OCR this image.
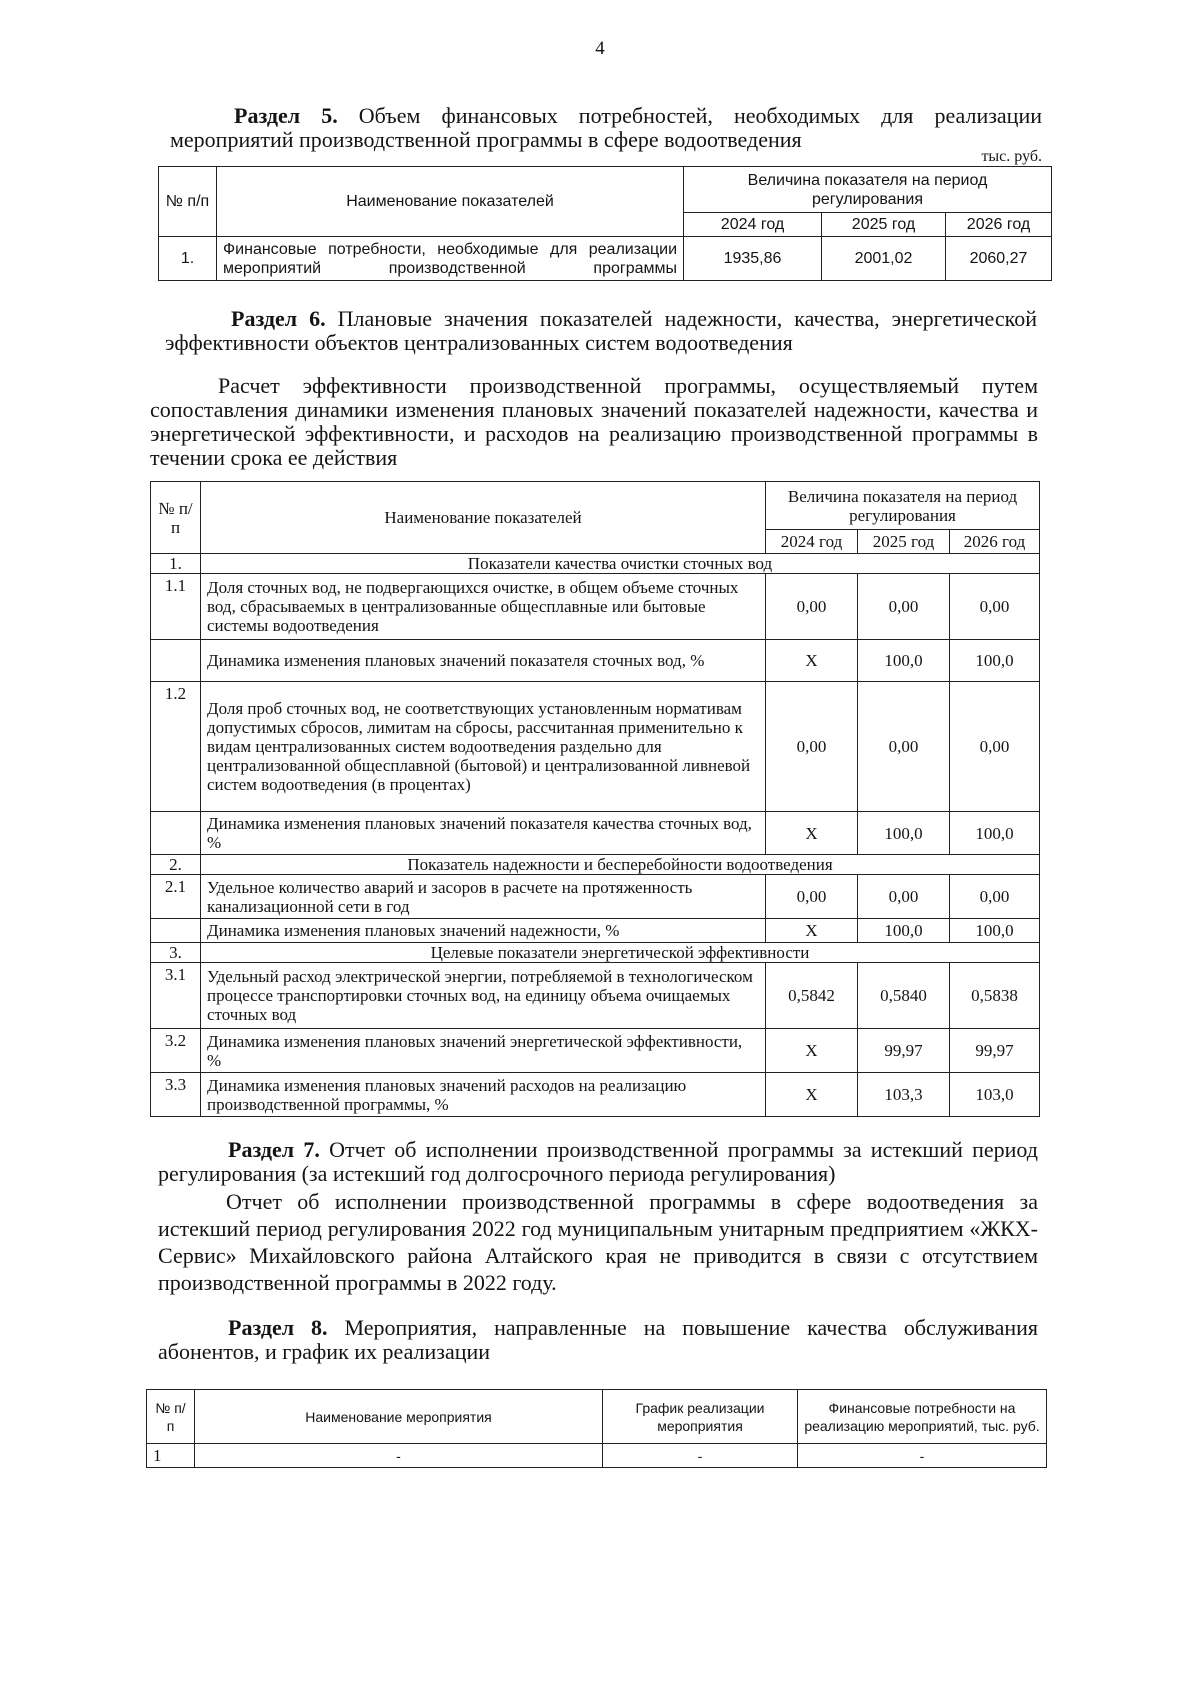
4
Раздел 5. Объем финансовых потребностей, необходимых для реализации мероприятий производственной программы в сфере водоотведения
тыс. руб.
№ п/п	Наименование показателей	Величина показателя на период регулирования		
		2024 год	2025 год	2026 год
1.	Финансовые потребности, необходимые для реализации мероприятий производственной программы	1935,86	2001,02	2060,27
Раздел 6. Плановые значения показателей надежности, качества, энергетической эффективности объектов централизованных систем водоотведения
Расчет эффективности производственной программы, осуществляемый путем сопоставления динамики изменения плановых значений показателей надежности, качества и энергетической эффективности, и расходов на реализацию производственной программы в течении срока ее действия
№ п/п	Наименование показателей	Величина показателя на период регулирования		
		2024 год	2025 год	2026 год
1.	Показатели качества очистки сточных вод			
1.1	Доля сточных вод, не подвергающихся очистке, в общем объеме сточных вод, сбрасываемых в централизованные общесплавные или бытовые системы водоотведения	0,00	0,00	0,00
	Динамика изменения плановых значений показателя сточных вод, %	Х	100,0	100,0
1.2	Доля проб сточных вод, не соответствующих установленным нормативам допустимых сбросов, лимитам на сбросы, рассчитанная применительно к видам централизованных систем водоотведения раздельно для централизованной общесплавной (бытовой) и централизованной ливневой систем водоотведения (в процентах)	0,00	0,00	0,00
	Динамика изменения плановых значений показателя качества сточных вод, %	Х	100,0	100,0
2.	Показатель надежности и бесперебойности водоотведения			
2.1	Удельное количество аварий и засоров в расчете на протяженность канализационной сети в год	0,00	0,00	0,00
	Динамика изменения плановых значений надежности, %	Х	100,0	100,0
3.	Целевые показатели энергетической эффективности			
3.1	Удельный расход электрической энергии, потребляемой в технологическом процессе транспортировки сточных вод, на единицу объема очищаемых сточных вод	0,5842	0,5840	0,5838
3.2	Динамика изменения плановых значений энергетической эффективности, %	Х	99,97	99,97
3.3	Динамика изменения плановых значений расходов на реализацию производственной программы, %	Х	103,3	103,0
Раздел 7. Отчет об исполнении производственной программы за истекший период регулирования (за истекший год долгосрочного периода регулирования)
Отчет об исполнении производственной программы в сфере водоотведения за истекший период регулирования 2022 год муниципальным унитарным предприятием «ЖКХ-Сервис» Михайловского района Алтайского края не приводится в связи с отсутствием производственной программы в 2022 году.
Раздел 8. Мероприятия, направленные на повышение качества обслуживания абонентов, и график их реализации
№ п/п	Наименование мероприятия	График реализации мероприятия	Финансовые потребности на реализацию мероприятий, тыс. руб.
1	-	-	-
